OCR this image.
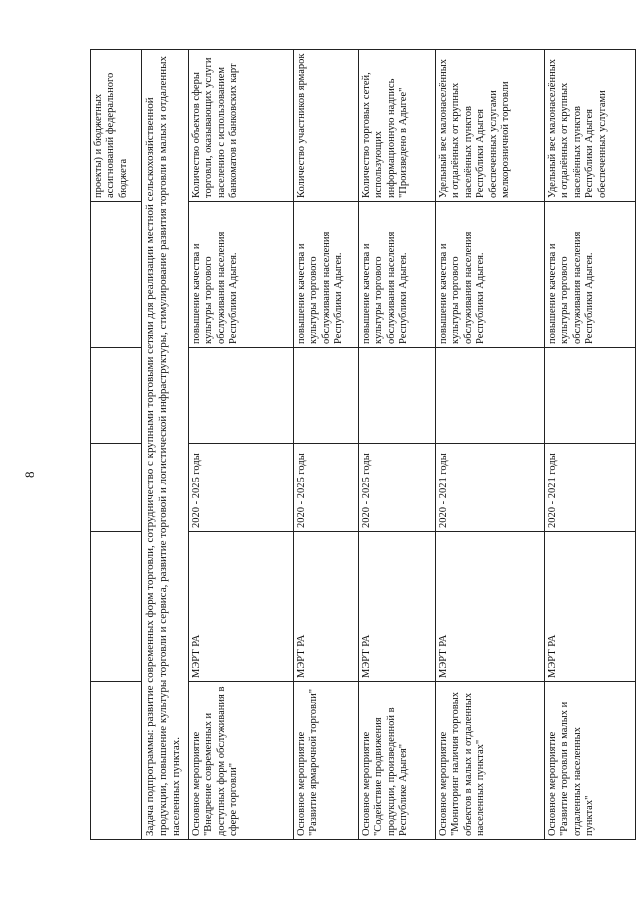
8
					проекты) и бюджетных ассигнований федерального бюджета
Задача подпрограммы: развитие современных форм торговли, сотрудничество с крупными торговыми сетями для реализации местной сельскохозяйственной продукции, повышение культуры торговли и сервиса, развитие торговой и логистической инфраструктуры, стимулирование развития торговли в малых и отдаленных населенных пунктах.					
Основное мероприятие "Внедрение современных и доступных форм обслуживания в сфере торговли"	МЭРТ РА	2020 - 2025 годы		повышение качества и культуры торгового обслуживания населения Республики Адыгея.	Количество объектов сферы торговли, оказывающих услуги населению с использованием банкоматов и банковских карт
Основное мероприятие "Развитие ярмарочной торговли"	МЭРТ РА	2020 - 2025 годы		повышение качества и культуры торгового обслуживания населения Республики Адыгея.	Количество участников ярмарок
Основное мероприятие "Содействие продвижения продукции, произведенной в Республике Адыгея"	МЭРТ РА	2020 - 2025 годы		повышение качества и культуры торгового обслуживания населения Республики Адыгея.	Количество торговых сетей, использующих информационную надпись "Произведено в Адыгее"
Основное мероприятие "Мониторинг наличия торговых объектов в малых и отдаленных населенных пунктах"	МЭРТ РА	2020 - 2021 годы		повышение качества и культуры торгового обслуживания населения Республики Адыгея.	Удельный вес малонаселённых и отдалённых от крупных населённых пунктов Республики Адыгея обеспеченных услугами мелкорозничной торговли
Основное мероприятие "Развитие торговли в малых и отдаленных населенных пунктах"	МЭРТ РА	2020 - 2021 годы		повышение качества и культуры торгового обслуживания населения Республики Адыгея.	Удельный вес малонаселённых и отдалённых от крупных населённых пунктов Республики Адыгея обеспеченных услугами
